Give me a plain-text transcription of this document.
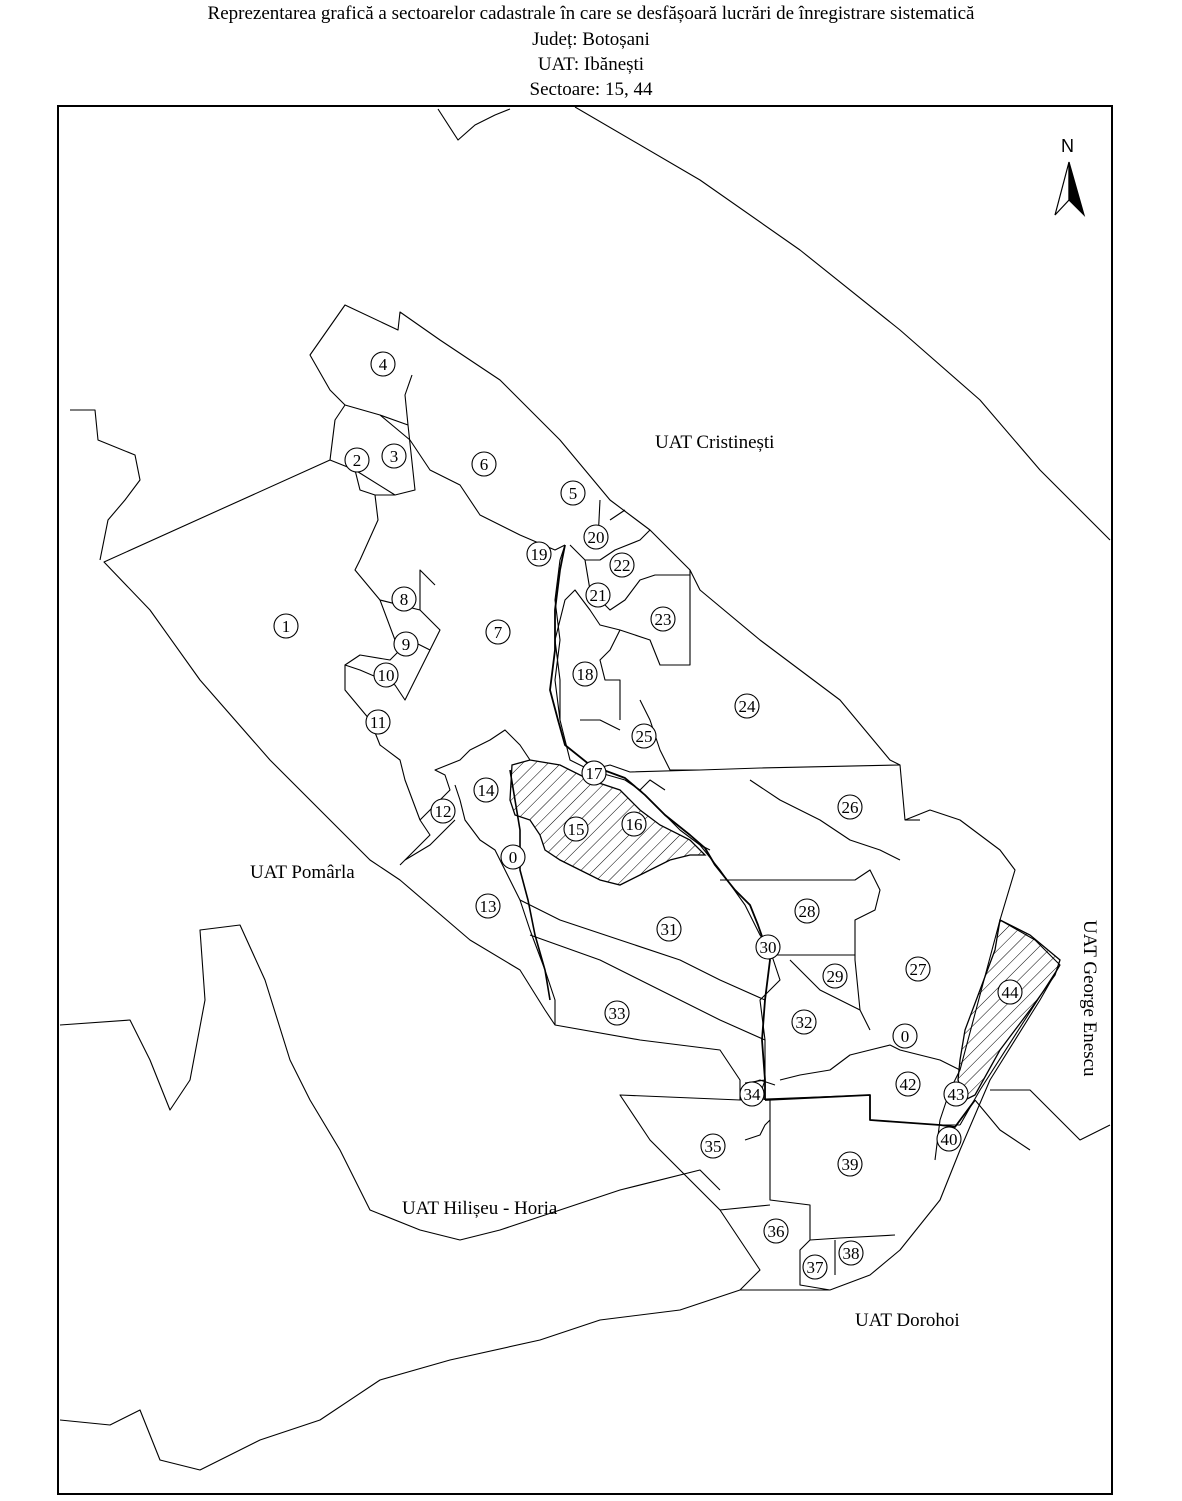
Reprezentarea grafică a sectoarelor cadastrale în care se desfășoară lucrări de înregistrare sistematică
Județ: Botoșani
UAT: Ibănești
Sectoare: 15, 44
0
0
1
2 3
4
5
6
7
8
9
10
11
12
13
14
15 16
17
18
19
20
21
22
23
24
25
26
27
28
29
30
31
32
33
34
35
36
37
38
39
40
42
43
44
N
UAT Cristinești
UAT Pomârla
UAT Hilișeu - Horia
UAT Dorohoi
UAT George Enescu
